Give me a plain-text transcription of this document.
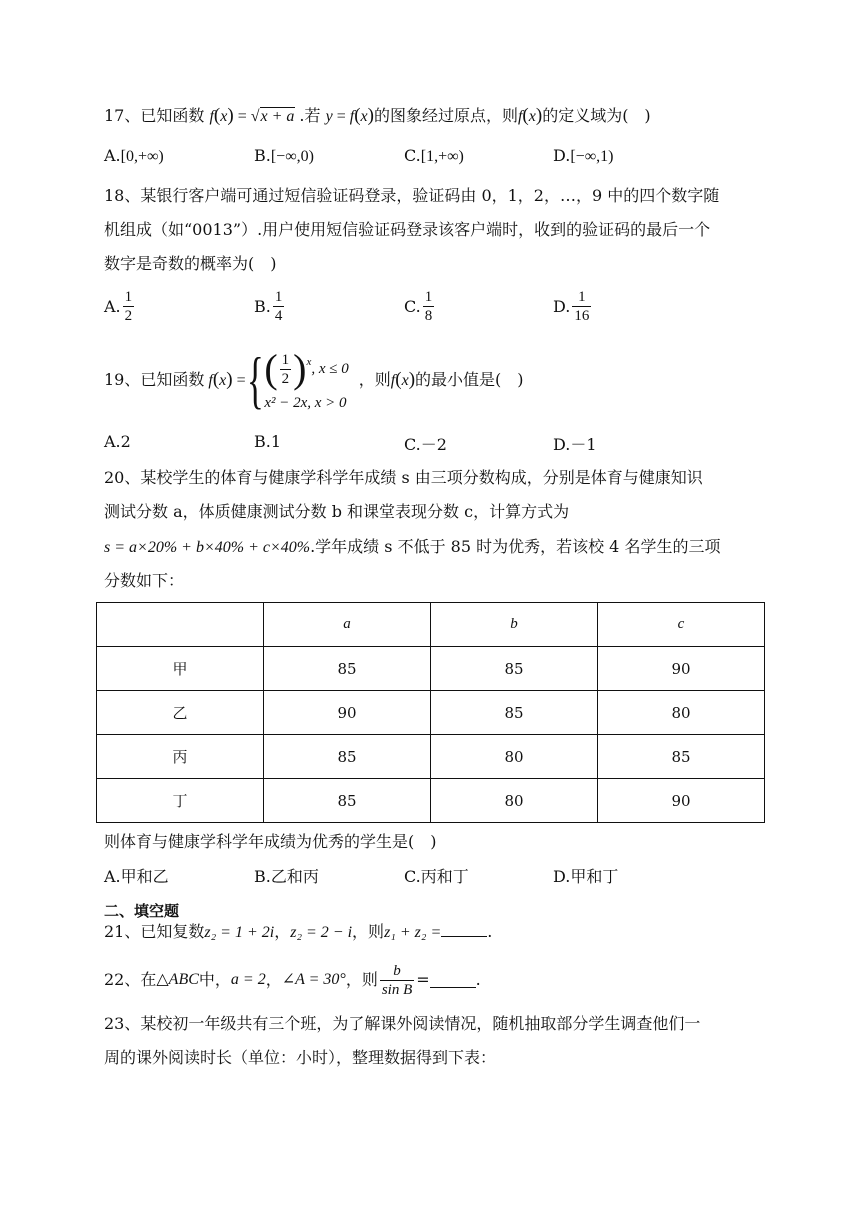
17、已知函数 f(x) = √x + a .若 y = f(x)的图象经过原点，则f(x)的定义域为(　)
A.[0,+∞)	B.[−∞,0)	C.[1,+∞)	D.[−∞,1)
18、某银行客户端可通过短信验证码登录，验证码由 0，1，2，…，9 中的四个数字随
机组成（如“0013”）.用户使用短信验证码登录该客户端时，收到的验证码的最后一个
数字是奇数的概率为(　)
A. $\frac{1}{2}$	B. $\frac{1}{4}$	C. $\frac{1}{8}$	D. $\frac{1}{16}$
19、已知函数 f(x) = { ( $\frac{1}{2} )^x$ , x ≤ 0
x² − 2x, x > 0
，则 f(x) 的最小值是(　)
A.2	B.1	C.－2	D.－1
20、某校学生的体育与健康学科学年成绩 s 由三项分数构成，分别是体育与健康知识
测试分数 a，体质健康测试分数 b 和课堂表现分数 c，计算方式为
s = a×20% + b×40% + c×40%.学年成绩 s 不低于 85 时为优秀，若该校 4 名学生的三项
分数如下：
	a	b	c
甲	85	85	90
乙	90	85	80
丙	85	80	85
丁	85	80	90
则体育与健康学科学年成绩为优秀的学生是(　)
A.甲和乙	B.乙和丙	C.丙和丁	D.甲和丁
二、填空题
21、已知复数z₂ = 1 + 2i，z₂ = 2 − i，则z₁ + z₂ =	.
22、在 △ABC 中， a = 2 ， ∠A = 30° ，则 $\frac{b}{\text{sin B}}$ =	.
23、某校初一年级共有三个班，为了解课外阅读情况，随机抽取部分学生调查他们一
周的课外阅读时长（单位：小时），整理数据得到下表：
